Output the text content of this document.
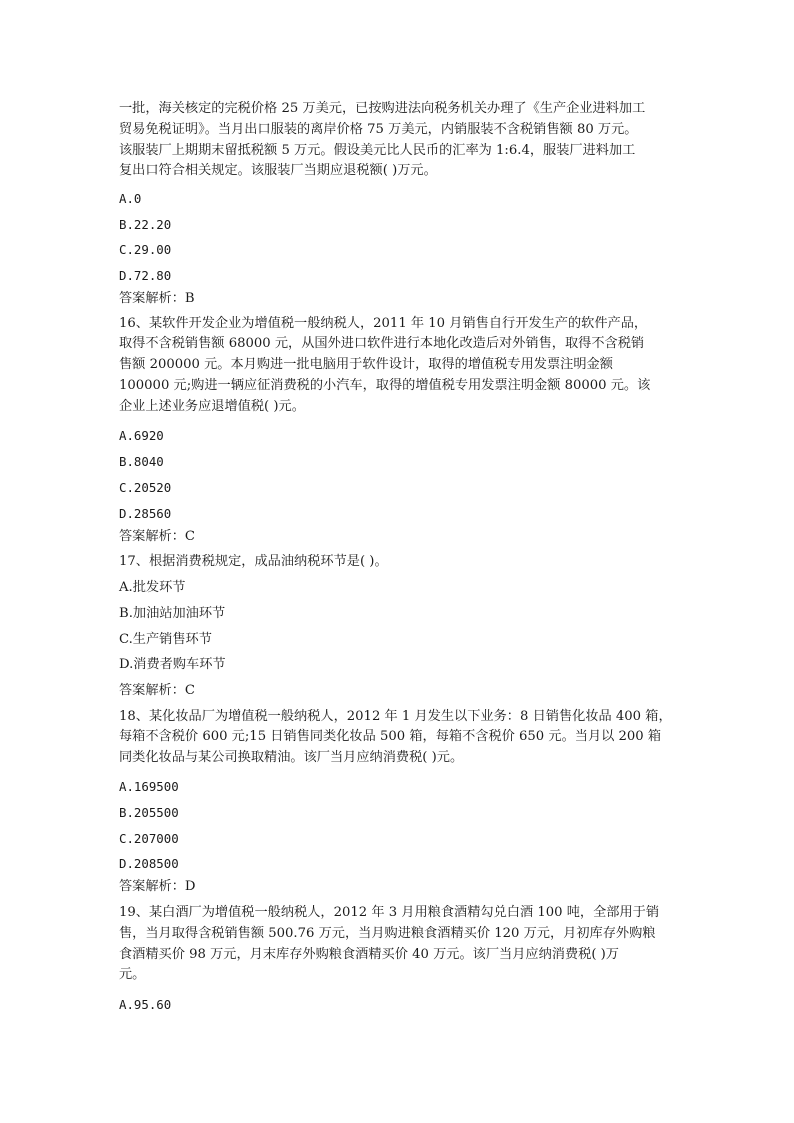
一批，海关核定的完税价格 25 万美元，已按购进法向税务机关办理了《生产企业进料加工
贸易免税证明》。当月出口服装的离岸价格 75 万美元，内销服装不含税销售额 80 万元。
该服装厂上期期末留抵税额 5 万元。假设美元比人民币的汇率为 1:6.4，服装厂进料加工
复出口符合相关规定。该服装厂当期应退税额( )万元。
A.0
B.22.20
C.29.00
D.72.80
答案解析：B
16、某软件开发企业为增值税一般纳税人，2011 年 10 月销售自行开发生产的软件产品，
取得不含税销售额 68000 元，从国外进口软件进行本地化改造后对外销售，取得不含税销
售额 200000 元。本月购进一批电脑用于软件设计，取得的增值税专用发票注明金额
100000 元;购进一辆应征消费税的小汽车，取得的增值税专用发票注明金额 80000 元。该
企业上述业务应退增值税( )元。
A.6920
B.8040
C.20520
D.28560
答案解析：C
17、根据消费税规定，成品油纳税环节是( )。
A.批发环节
B.加油站加油环节
C.生产销售环节
D.消费者购车环节
答案解析：C
18、某化妆品厂为增值税一般纳税人，2012 年 1 月发生以下业务：8 日销售化妆品 400 箱，
每箱不含税价 600 元;15 日销售同类化妆品 500 箱，每箱不含税价 650 元。当月以 200 箱
同类化妆品与某公司换取精油。该厂当月应纳消费税( )元。
A.169500
B.205500
C.207000
D.208500
答案解析：D
19、某白酒厂为增值税一般纳税人，2012 年 3 月用粮食酒精勾兑白酒 100 吨，全部用于销
售，当月取得含税销售额 500.76 万元，当月购进粮食酒精买价 120 万元，月初库存外购粮
食酒精买价 98 万元，月末库存外购粮食酒精买价 40 万元。该厂当月应纳消费税( )万
元。
A.95.60
